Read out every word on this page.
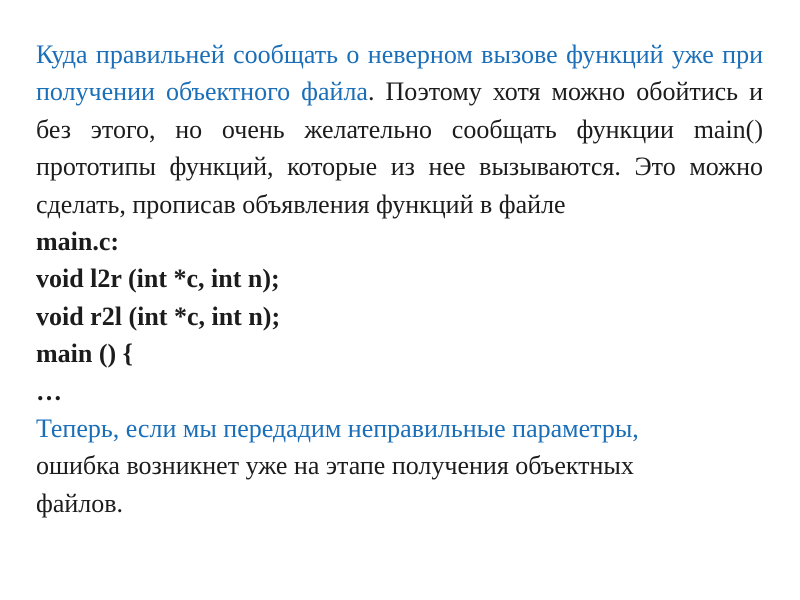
Куда правильней сообщать о неверном вызове функций уже при получении объектного файла. Поэтому хотя можно обойтись и без этого, но очень желательно сообщать функции main() прототипы функций, которые из нее вызываются. Это можно сделать, прописав объявления функций в файле
main.c:

void l2r (int *c, int n);

void r2l (int *c, int n);

main () {

…

Теперь, если мы передадим неправильные параметры,

ошибка возникнет уже на этапе получения объектных

файлов.
